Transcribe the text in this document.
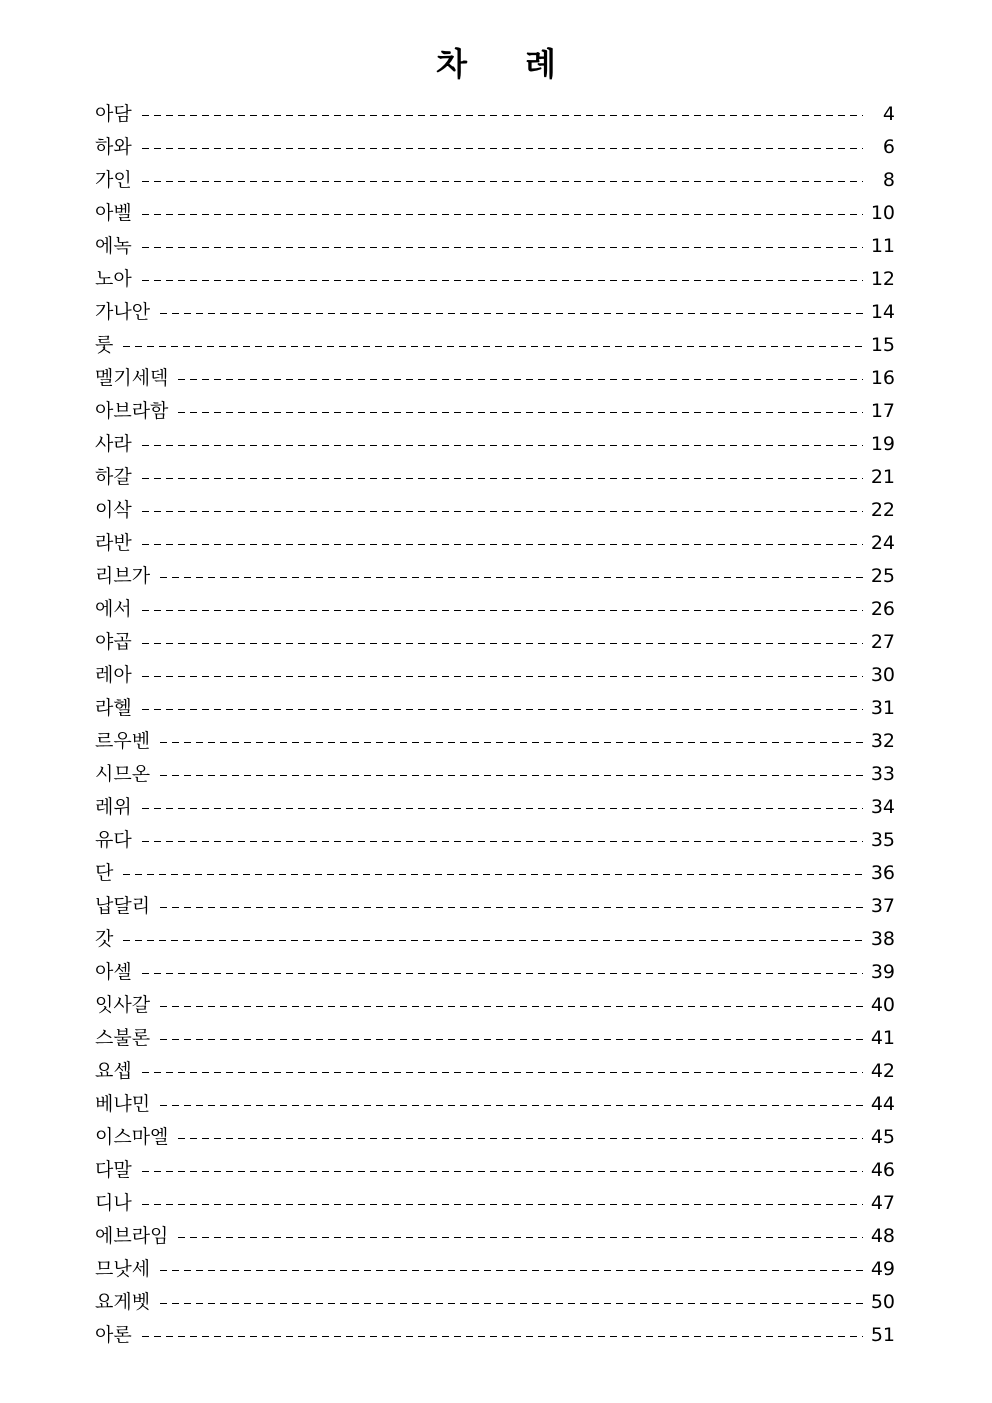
차 례
아담	4
하와	6
가인	8
아벨	10
에녹	11
노아	12
가나안	14
룻	15
멜기세덱	16
아브라함	17
사라	19
하갈	21
이삭	22
라반	24
리브가	25
에서	26
야곱	27
레아	30
라헬	31
르우벤	32
시므온	33
레위	34
유다	35
단	36
납달리	37
갓	38
아셀	39
잇사갈	40
스불론	41
요셉	42
베냐민	44
이스마엘	45
다말	46
디나	47
에브라임	48
므낫세	49
요게벳	50
아론	51
